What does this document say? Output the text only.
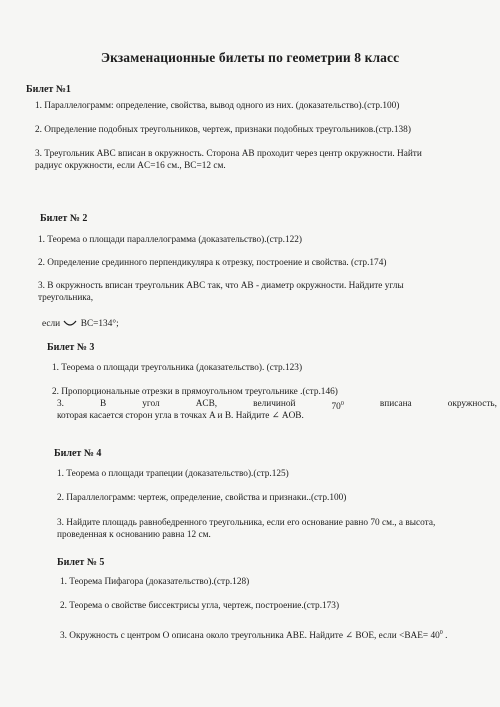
Экзаменационные билеты по геометрии 8 класс
Билет №1
1. Параллелограмм: определение, свойства, вывод одного из них. (доказательство).(стр.100)
2. Определение подобных треугольников, чертеж, признаки подобных треугольников.(стр.138)
3. Треугольник ABC вписан в окружность. Сторона AB проходит через центр окружности. Найти
радиус окружности, если AC=16 см., BC=12 см.
Билет № 2
1. Теорема о площади параллелограмма (доказательство).(стр.122)
2. Определение срединного перпендикуляра к отрезку, построение и свойства. (стр.174)
3. В окружность вписан треугольник ABC так, что AB - диаметр окружности. Найдите углы
треугольника,
если BC=134°;
Билет № 3
1. Теорема о площади треугольника (доказательство). (стр.123)
2. Пропорциональные отрезки в прямоугольном треугольнике .(стр.146)
3.	В	угол	ACB,	величиной	$70^0$	вписана	окружность,
которая касается сторон угла в точках A и B. Найдите ∠ AOB.
Билет № 4
1. Теорема о площади трапеции (доказательство).(стр.125)
2. Параллелограмм: чертеж, определение, свойства и признаки..(стр.100)
3. Найдите площадь равнобедренного треугольника, если его основание равно 70 см., а высота,
проведенная к основанию равна 12 см.
Билет № 5
1. Теорема Пифагора (доказательство).(стр.128)
2. Теорема о свойстве биссектрисы угла, чертеж, построение.(стр.173)
3. Окружность с центром O описана около треугольника ABE. Найдите ∠ BOE, если $<BAE= 40^0$ .
